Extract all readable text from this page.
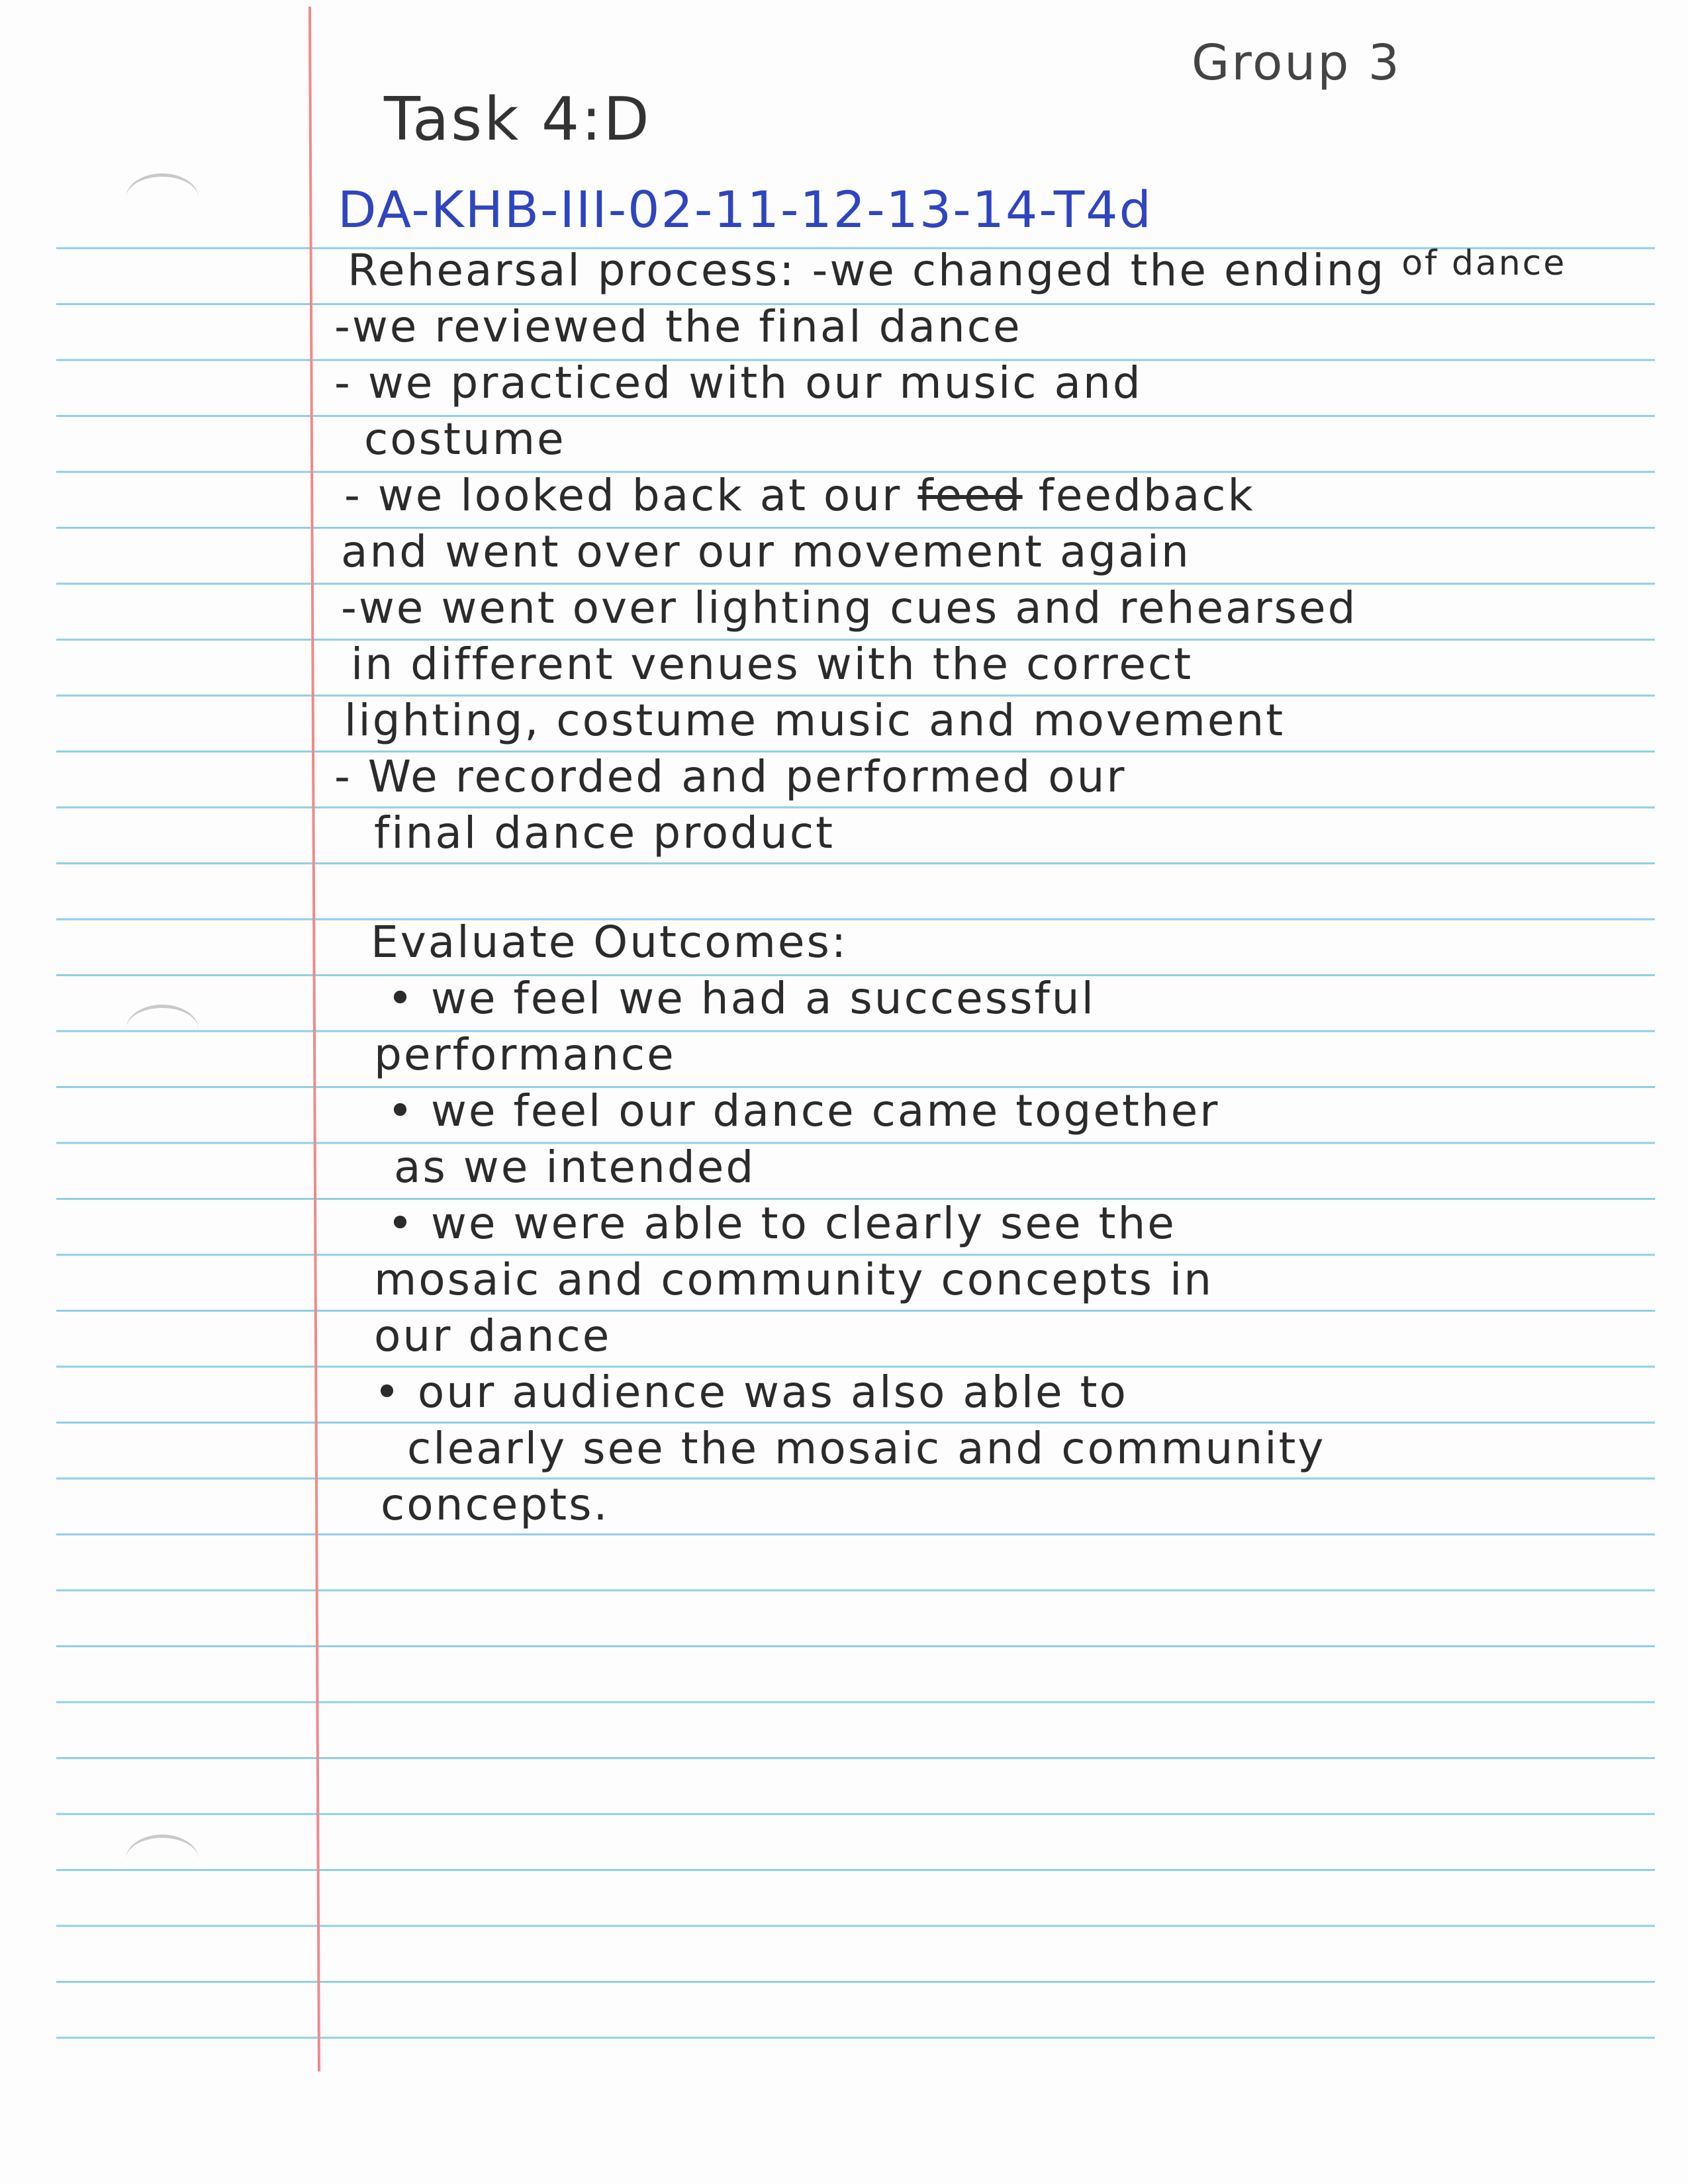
Group 3
Task 4:D
DA-KHB-III-02-11-12-13-14-T4d
Rehearsal process: -we changed the ending $^{of dance}$
-we reviewed the final dance
- we practiced with our music and
costume
- we looked back at our feed feedback
and went over our movement again
-we went over lighting cues and rehearsed
in different venues with the correct
lighting, costume music and movement
- We recorded and performed our
final dance product
Evaluate Outcomes:
• we feel we had a successful
performance
• we feel our dance came together
as we intended
• we were able to clearly see the
mosaic and community concepts in
our dance
• our audience was also able to
clearly see the mosaic and community
concepts.
